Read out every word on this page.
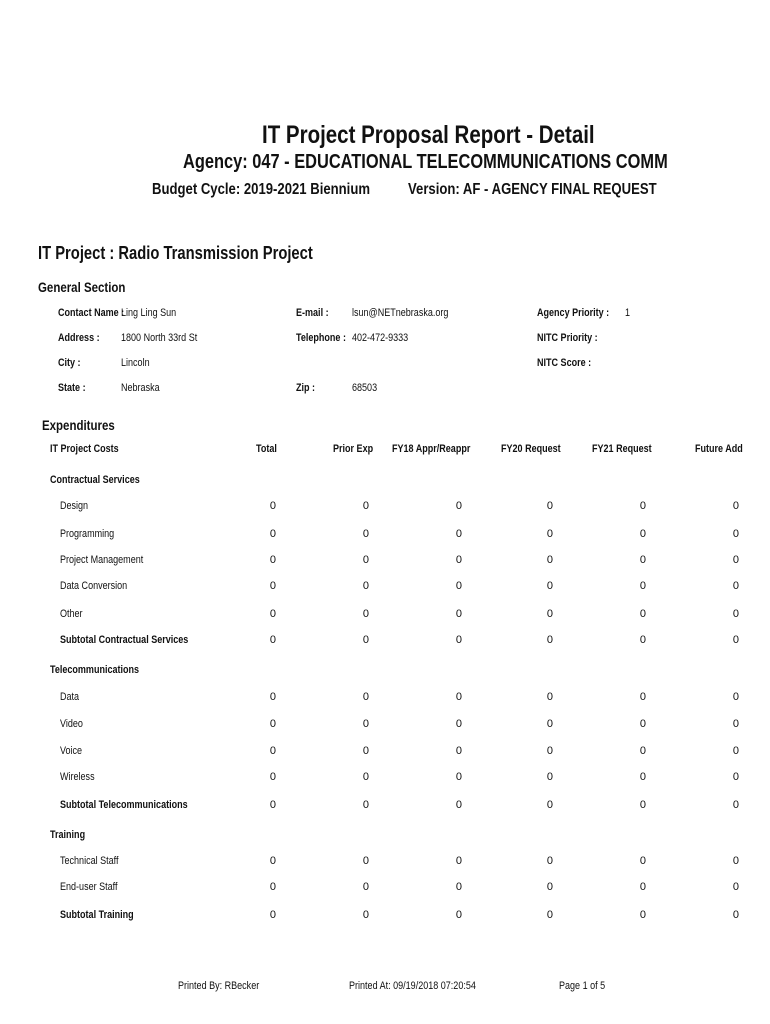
IT Project Proposal Report - Detail
Agency: 047 - EDUCATIONAL TELECOMMUNICATIONS COMM
Budget Cycle: 2019-2021 Biennium	Version: AF - AGENCY FINAL REQUEST
IT Project : Radio Transmission Project
General Section
Contact Name :
Ling Ling Sun
Address :	1800 North 33rd St
City :	Lincoln
State :	Nebraska
E-mail :	lsun@NETnebraska.org
Telephone : 402-472-9333
Zip :	68503
Agency Priority :	1
NITC Priority :
NITC Score :
Expenditures
IT Project Costs	Total	Prior Exp	FY18 Appr/Reappr	FY20 Request	FY21 Request	Future Add
Contractual Services
Design	0	0	0	0	0	0
Programming	0	0	0	0	0	0
Project Management	0	0	0	0	0	0
Data Conversion	0	0	0	0	0	0
Other	0	0	0	0	0	0
Subtotal Contractual Services	0	0	0	0	0	0
Telecommunications
Data	0	0	0	0	0	0
Video	0	0	0	0	0	0
Voice	0	0	0	0	0	0
Wireless	0	0	0	0	0	0
Subtotal Telecommunications	0	0	0	0	0	0
Training
Technical Staff	0	0	0	0	0	0
End-user Staff	0	0	0	0	0	0
Subtotal Training	0	0	0	0	0	0
Printed By: RBecker	Printed At: 09/19/2018 07:20:54	Page 1 of 5
